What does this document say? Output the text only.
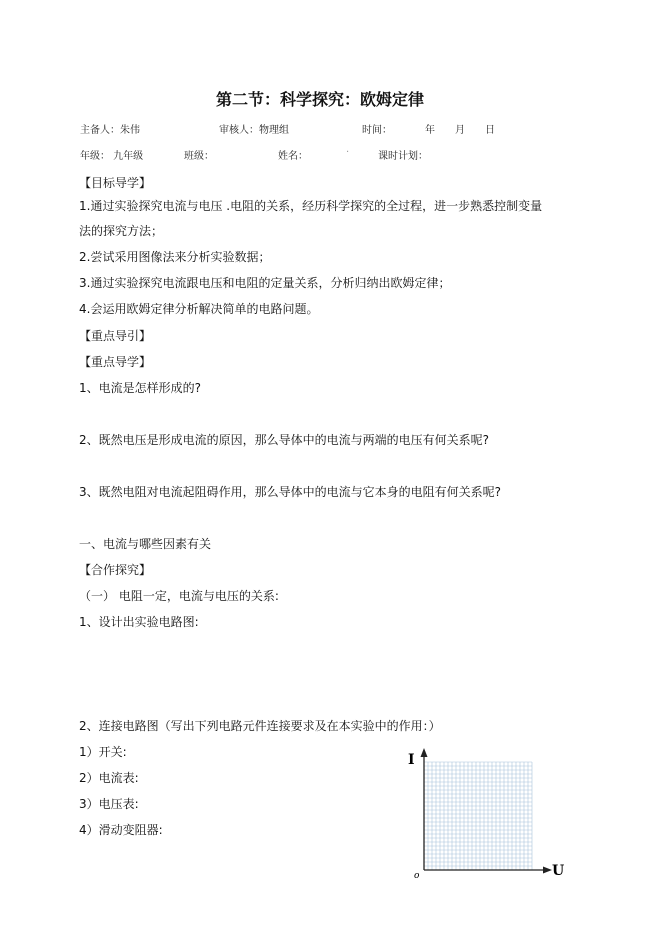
第二节：科学探究：欧姆定律
主备人：朱伟	审核人：物理组	时间：	年 月 日
年级： 九年级	班级：	姓名：	·	课时计划：
【目标导学】
1.通过实验探究电流与电压 .电阻的关系，经历科学探究的全过程，进一步熟悉控制变量
法的探究方法；
2.尝试采用图像法来分析实验数据；
3.通过实验探究电流跟电压和电阻的定量关系，分析归纳出欧姆定律；
4.会运用欧姆定律分析解决简单的电路问题。
【重点导引】
【重点导学】
1、电流是怎样形成的?
2、既然电压是形成电流的原因，那么导体中的电流与两端的电压有何关系呢?
3、既然电阻对电流起阻碍作用，那么导体中的电流与它本身的电阻有何关系呢?
一、电流与哪些因素有关
【合作探究】
（一） 电阻一定，电流与电压的关系:
1、设计出实验电路图:
2、连接电路图（写出下列电路元件连接要求及在本实验中的作用：）
1）开关:
2）电流表:
3）电压表:
4）滑动变阻器:
I
U
o
